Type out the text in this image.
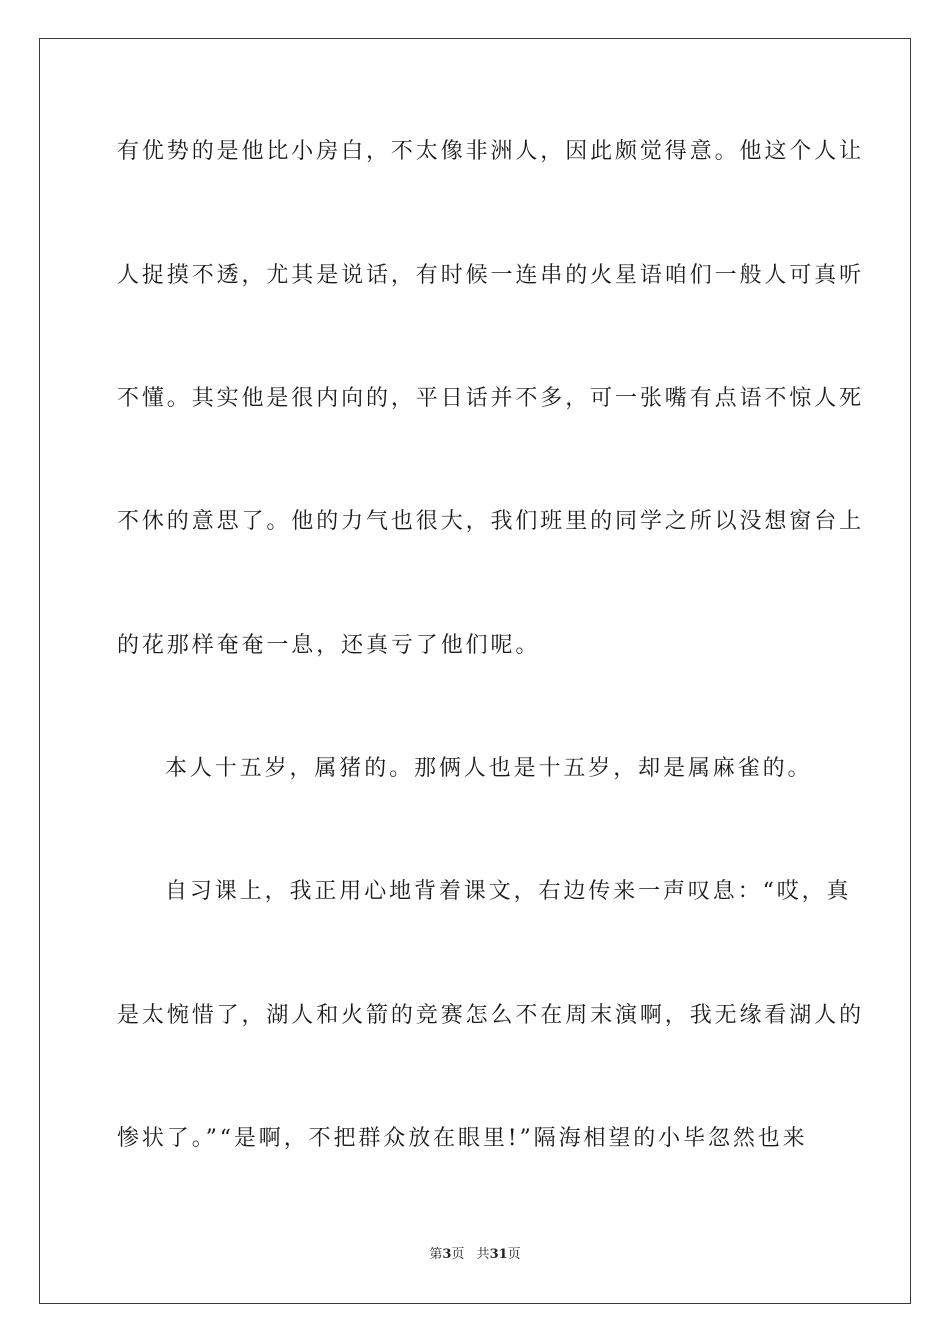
有优势的是他比小房白，不太像非洲人，因此颇觉得意。他这个人让
人捉摸不透，尤其是说话，有时候一连串的火星语咱们一般人可真听
不懂。其实他是很内向的，平日话并不多，可一张嘴有点语不惊人死
不休的意思了。他的力气也很大，我们班里的同学之所以没想窗台上
的花那样奄奄一息，还真亏了他们呢。
本人十五岁，属猪的。那俩人也是十五岁，却是属麻雀的。
自习课上，我正用心地背着课文，右边传来一声叹息：“哎，真
是太惋惜了，湖人和火箭的竞赛怎么不在周末演啊，我无缘看湖人的
惨状了。”“是啊，不把群众放在眼里!”隔海相望的小毕忽然也来
第3页 共31页
